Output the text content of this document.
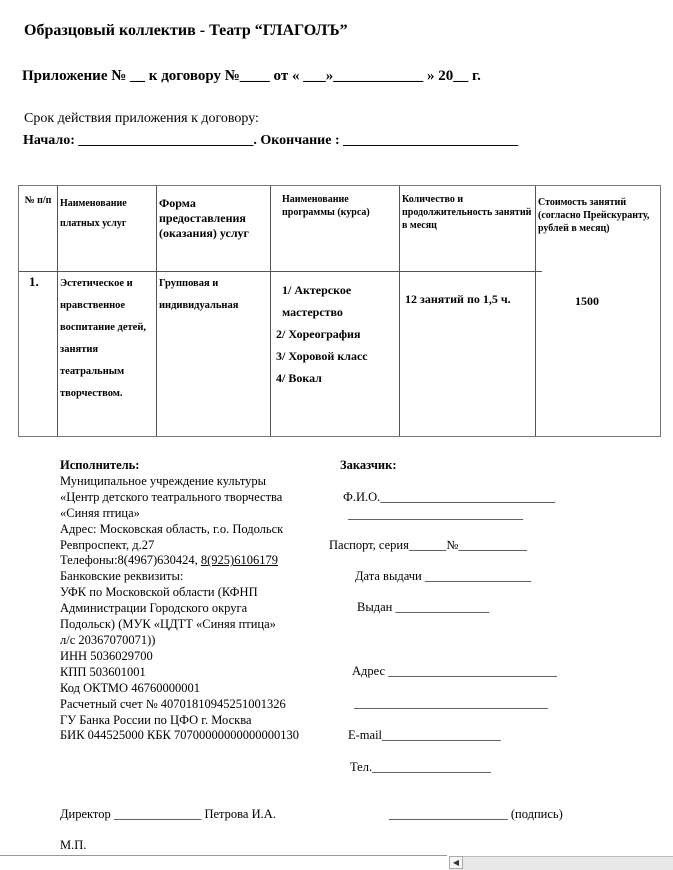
Образцовый коллектив - Театр “ГЛАГОЛЪ”
Приложение № __ к договору №____ от « ___»____________ » 20__ г.
Срок действия приложения к договору:
Начало: _________________________. Окончание : _________________________
№ п/п Наименование платных услуг
Форма предоставления (оказания) услуг
Наименование программы (курса)
Количество и продолжительность занятий в месяц
Стоимость занятий (согласно Прейскуранту, рублей в месяц)
1. Эстетическое и нравственное воспитание детей, занятия театральным творчеством.
Групповая и индивидуальная
1/ Актерское мастерство
2/ Хореография
3/ Хоровой класс
4/ Вокал
12 занятий по 1,5 ч.	1500
Исполнитель:
Муниципальное учреждение культуры
«Центр детского театрального творчества
«Синяя птица»
Адрес: Московская область, г.о. Подольск
Ревпроспект, д.27
Телефоны:8(4967)630424, 8(925)6106179
Банковские реквизиты:
УФК по Московской области (КФНП
Администрации Городского округа
Подольск) (МУК «ЦДТТ «Синяя птица»
л/с 20367070071))
ИНН 5036029700
КПП 503601001
Код ОКТМО 46760000001
Расчетный счет № 40701810945251001326
ГУ Банка России по ЦФО г. Москва
БИК 044525000 КБК 70700000000000000130
Заказчик:
Ф.И.О.____________________________
____________________________
Паспорт, серия______№___________
Дата выдачи _________________
Выдан _______________
Адрес ___________________________
_______________________________
E-mail___________________
Тел.___________________
Директор ______________ Петрова И.А.	___________________ (подпись)
М.П.
◀
